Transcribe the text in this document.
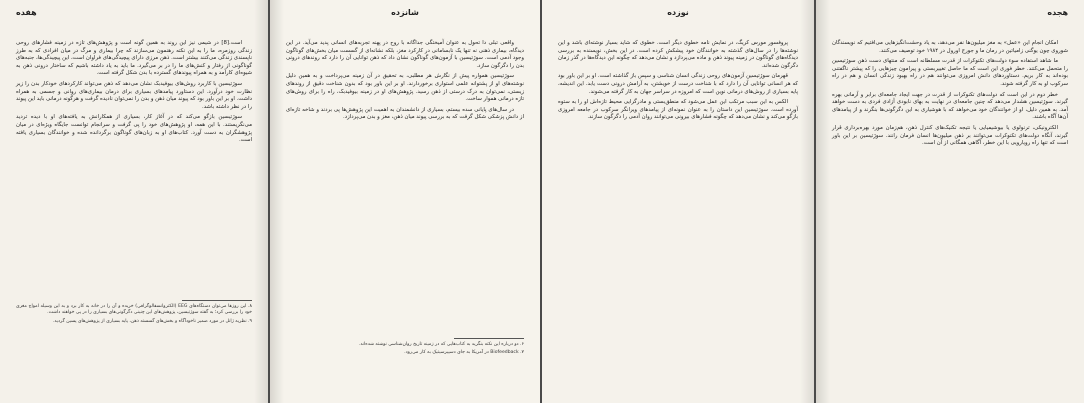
هفده

است.[8] در شیمی نیز این روند به همین گونه است و پژوهش‌های تازه در زمینه فشارهای روحی زندگی روزمره، ما را به این نکته رهنمون می‌سازند که چرا بیماری و مرگ در میان افرادی که به طرز ناپسندی زندگی می‌کنند بیشتر است. ذهن مرزی دارای پیچیدگی‌های فراوان است، این پیچیدگی‌ها، جنبه‌های گوناگونی از رفتار و کنش‌های ما را در بر می‌گیرد. ما باید به یاد داشته باشیم که ساختار درونی ذهن به شیوه‌ای کارآمد و به همراه پیوندهای گسترده با بدن شکل گرفته است.

سوژتیسین با کاربرد روش‌های بیوفیدبک نشان می‌دهد که ذهن می‌تواند کارکردهای خودکار بدن را زیر نظارت خود درآورد. این دستاورد پیامدهای بسیاری برای درمان بیماری‌های روانی و جسمی به همراه داشت. او بر این باور بود که پیوند میان ذهن و بدن را نمی‌توان نادیده گرفت و هرگونه درمانی باید این پیوند را در نظر داشته باشد.

سوژتیسین بازگو می‌کند که در آغاز کار، بسیاری از همکارانش به یافته‌های او با دیده تردید می‌نگریستند. با این همه، او پژوهش‌های خود را پی گرفت و سرانجام توانست جایگاه ویژه‌ای در میان پژوهشگران به دست آورد. کتاب‌های او به زبان‌های گوناگون برگردانده شده و خوانندگان بسیاری یافته است.

۸. این روزها می‌توان دستگاه‌های EEG (الکتروانسفالوگرافی) خریده و آن را در خانه به کار برد و به این وسیله امواج مغزی خود را بررسی کرد؛ به گفته سوژتیسین، پژوهش‌های این چنینی دگرگونی‌های بسیاری را در پی خواهند داشت.
۹. نظریه ژانل در مورد ضمیر ناخودآگاه و بخش‌های گسسته ذهن، پایه بسیاری از پژوهش‌های پسین گردید.
شانزده

واقعی تبلی دا تحول به عنوان آمیختگی جداگانه با روح در پهنه تجربه‌های انسانی پدید می‌آید. در این دیدگاه، بیماری ذهنی نه تنها یک نابسامانی در کارکرد مغز، بلکه نشانه‌ای از گسست میان بخش‌های گوناگون وجود آدمی است. سوژتیسین با آزمون‌های گوناگون نشان داد که ذهن توانایی آن را دارد که روندهای درونی بدن را دگرگون سازد.

سوژتیسین همواره پیش از نگارش هر مطلبی، به تحقیق در آن زمینه می‌پرداخت و به همین دلیل نوشته‌های او از پشتوانه علمی استواری برخوردارند. او بر این باور بود که بدون شناخت دقیق از روندهای زیستی، نمی‌توان به درک درستی از ذهن رسید. پژوهش‌های او در زمینه بیوفیدبک، راه را برای روش‌های تازه درمانی هموار ساخت.

در سال‌های پایانی سده بیستم، بسیاری از دانشمندان به اهمیت این پژوهش‌ها پی بردند و شاخه تازه‌ای از دانش پزشکی شکل گرفت که به بررسی پیوند میان ذهن، مغز و بدن می‌پردازد.

۶. دو درباره این نکته بنگرید به کتاب‌هایی که در زمینه تاریخ روان‌شناسی نوشته شده‌اند.
۷. Biofeedback در آمریکا به جای دسپیرسیتیک به کار می‌رود.
نوزده

پروفسور مورس کریگ، در نمایش نامه خطوی دیگر است. خطوی که شاید بسیار نوشته‌ای باشد و این نوشته‌ها را در سال‌های گذشته به خوانندگان خود پیشکش کرده است. در این بخش، نویسنده به بررسی دیدگاه‌های گوناگون در زمینه پیوند ذهن و ماده می‌پردازد و نشان می‌دهد که چگونه این دیدگاه‌ها در گذر زمان دگرگون شده‌اند.

قهرمان سوژتیسین آزمون‌های روحی زندگی انسان شناسی و سپس باز گذاشته است. او بر این باور بود که هر انسانی توانایی آن را دارد که با شناخت درست از خویشتن، به آرامش درونی دست یابد. این اندیشه، پایه بسیاری از روش‌های درمانی نوین است که امروزه در سراسر جهان به کار گرفته می‌شوند.

الکس به این سبب مرتکب این عمل می‌شود که منطق‌بستی و مادرگرایی محیط تازه‌اش او را به ستوه آورده است. سوژتیسین این داستان را به عنوان نمونه‌ای از پیامدهای ویرانگر سرکوب در جامعه امروزی بازگو می‌کند و نشان می‌دهد که چگونه فشارهای بیرونی می‌توانند روان آدمی را دگرگون سازند.

هجده

امکان انجام این «عمل» به مغز میلیون‌ها نفر می‌دهد، به یاد وحشت‌انگیزهایی می‌افتیم که نویسندگان شوروی چون یوگنی زامیاتین در رمان ما و جورج اورول در ۱۹۸۴ خود توصیف می‌کنند.

ما شاهد استفاده سوء دولت‌های تکنوکرات از قدرت مسلطانه است که منتهای دست ذهن سوژتیسین را متحمل می‌کنند. خطر فوری این است که ما حاصل تغییربستی و پیرامون چیزهایی را که پیشتر ناگفتنی بوده‌اند به کار بریم. دستاوردهای دانش امروزی می‌توانند هم در راه بهبود زندگی انسان و هم در راه سرکوب او به کار گرفته شوند.

خطر دوم در این است که دولت‌های تکنوکرات از قدرت در جهت ایجاد جامعه‌ای برابر و آرمانی بهره گیرند. سوژتیسین هشدار می‌دهد که چنین جامعه‌ای در نهایت به بهای نابودی آزادی فردی به دست خواهد آمد. به همین دلیل، او از خوانندگان خود می‌خواهد که با هوشیاری به این دگرگونی‌ها بنگرند و از پیامدهای آن‌ها آگاه باشند.

الکترونیکی، ترنولوی یا بیوشیمیایی یا نتیجه تکنیک‌های کنترل ذهن، هم‌زمان مورد بهره‌برداری قرار گیرند، آنگاه دولت‌های تکنوکرات می‌توانند بر ذهن میلیون‌ها انسان فرمان رانند. سوژتیسین بر این باور است که تنها راه رویارویی با این خطر، آگاهی همگانی از آن است.
